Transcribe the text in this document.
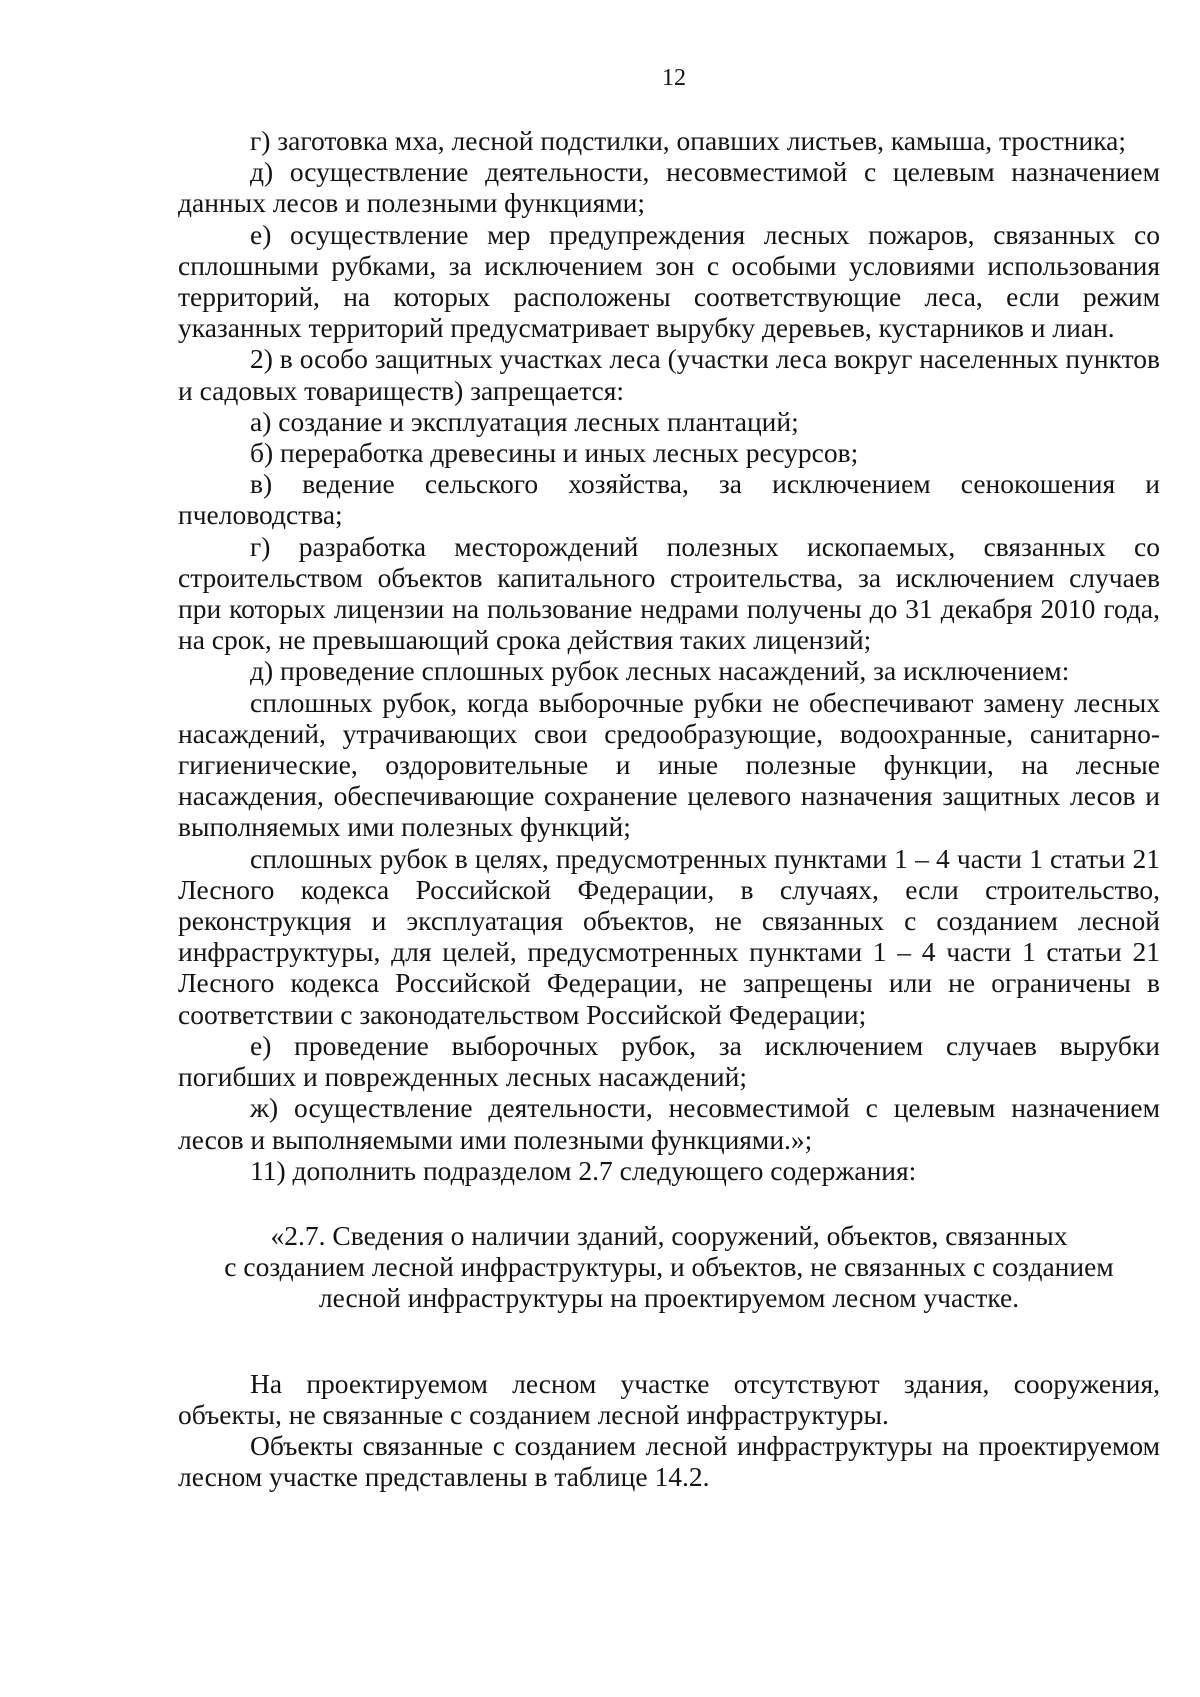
12

г) заготовка мха, лесной подстилки, опавших листьев, камыша, тростника;

д) осуществление деятельности, несовместимой с целевым назначением данных лесов и полезными функциями;

е) осуществление мер предупреждения лесных пожаров, связанных со сплошными рубками, за исключением зон с особыми условиями использования территорий, на которых расположены соответствующие леса, если режим указанных территорий предусматривает вырубку деревьев, кустарников и лиан.

2) в особо защитных участках леса (участки леса вокруг населенных пунктов и садовых товариществ) запрещается:

а) создание и эксплуатация лесных плантаций;

б) переработка древесины и иных лесных ресурсов;

в) ведение сельского хозяйства, за исключением сенокошения и пчеловодства;

г) разработка месторождений полезных ископаемых, связанных со строительством объектов капитального строительства, за исключением случаев при которых лицензии на пользование недрами получены до 31 декабря 2010 года, на срок, не превышающий срока действия таких лицензий;

д) проведение сплошных рубок лесных насаждений, за исключением:

сплошных рубок, когда выборочные рубки не обеспечивают замену лесных насаждений, утрачивающих свои средообразующие, водоохранные, санитарно-гигиенические, оздоровительные и иные полезные функции, на лесные насаждения, обеспечивающие сохранение целевого назначения защитных лесов и выполняемых ими полезных функций;

сплошных рубок в целях, предусмотренных пунктами 1 – 4 части 1 статьи 21 Лесного кодекса Российской Федерации, в случаях, если строительство, реконструкция и эксплуатация объектов, не связанных с созданием лесной инфраструктуры, для целей, предусмотренных пунктами 1 – 4 части 1 статьи 21 Лесного кодекса Российской Федерации, не запрещены или не ограничены в соответствии с законодательством Российской Федерации;

е) проведение выборочных рубок, за исключением случаев вырубки погибших и поврежденных лесных насаждений;

ж) осуществление деятельности, несовместимой с целевым назначением лесов и выполняемыми ими полезными функциями.»;

11) дополнить подразделом 2.7 следующего содержания:

«2.7. Сведения о наличии зданий, сооружений, объектов, связанных
с созданием лесной инфраструктуры, и объектов, не связанных с созданием
лесной инфраструктуры на проектируемом лесном участке.

На проектируемом лесном участке отсутствуют здания, сооружения, объекты, не связанные с созданием лесной инфраструктуры.

Объекты связанные с созданием лесной инфраструктуры на проектируемом лесном участке представлены в таблице 14.2.
